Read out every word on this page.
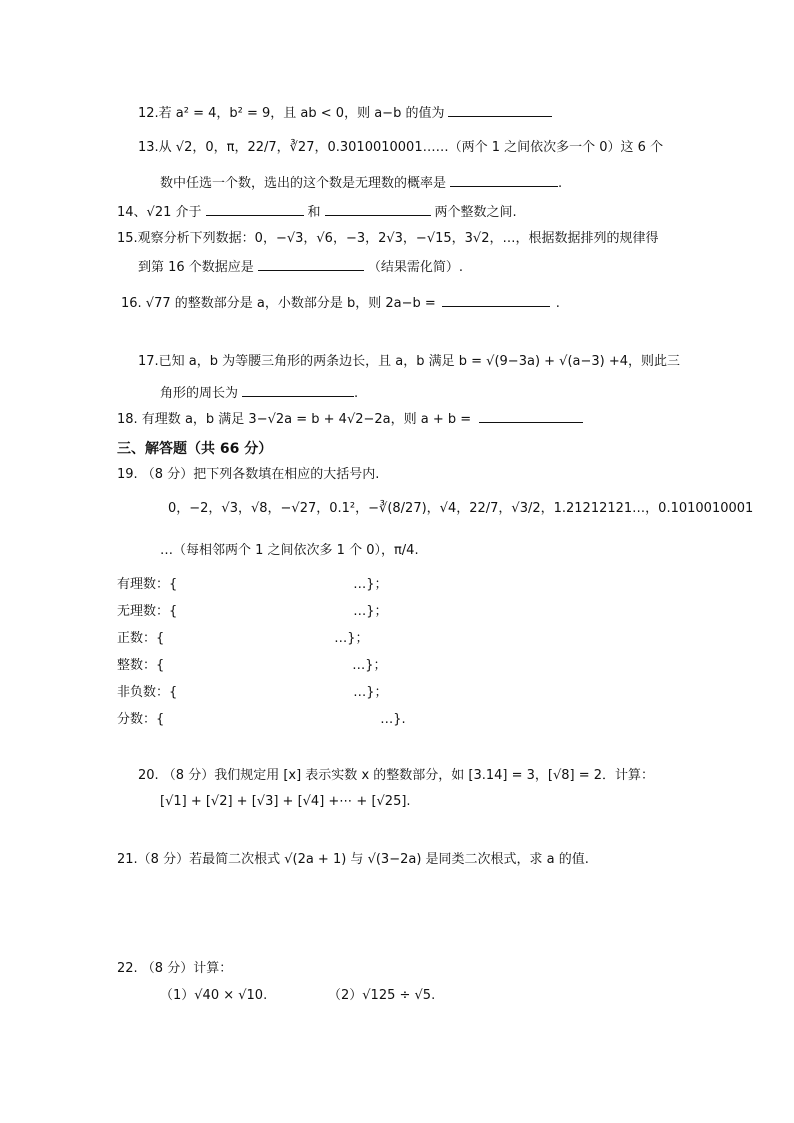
12.若 a² = 4，b² = 9，且 ab < 0，则 a−b 的值为
13.从 √2，0，π，22/7，∛27，0.3010010001……（两个 1 之间依次多一个 0）这 6 个
数中任选一个数，选出的这个数是无理数的概率是	.
14、√21 介于	和	两个整数之间.
15.观察分析下列数据：0，−√3，√6，−3，2√3，−√15，3√2，…，根据数据排列的规律得
到第 16 个数据应是	（结果需化简）.
16. √77 的整数部分是 a，小数部分是 b，则 2a−b =	.
17.已知 a，b 为等腰三角形的两条边长，且 a，b 满足 b = √(9−3a) + √(a−3) +4，则此三
角形的周长为	.
18. 有理数 a，b 满足 3−√2a = b + 4√2−2a，则 a + b =
三、解答题（共 66 分）
19. （8 分）把下列各数填在相应的大括号内.
0，−2，√3，√8，−√27，0.1²，−∛(8/27)，√4，22/7，√3/2，1.21212121…，0.1010010001
…（每相邻两个 1 之间依次多 1 个 0），π/4.
有理数：{	…}；
无理数：{	…}；
正数：{	…}；
整数：{	…}；
非负数：{	…}；
分数：{	…}.
20. （8 分）我们规定用 [x] 表示实数 x 的整数部分，如 [3.14] = 3，[√8] = 2．计算：
[√1] + [√2] + [√3] + [√4] +⋯ + [√25].
21.（8 分）若最简二次根式 √(2a + 1) 与 √(3−2a) 是同类二次根式，求 a 的值.
22. （8 分）计算：
（1）√40 × √10.	（2）√125 ÷ √5.
